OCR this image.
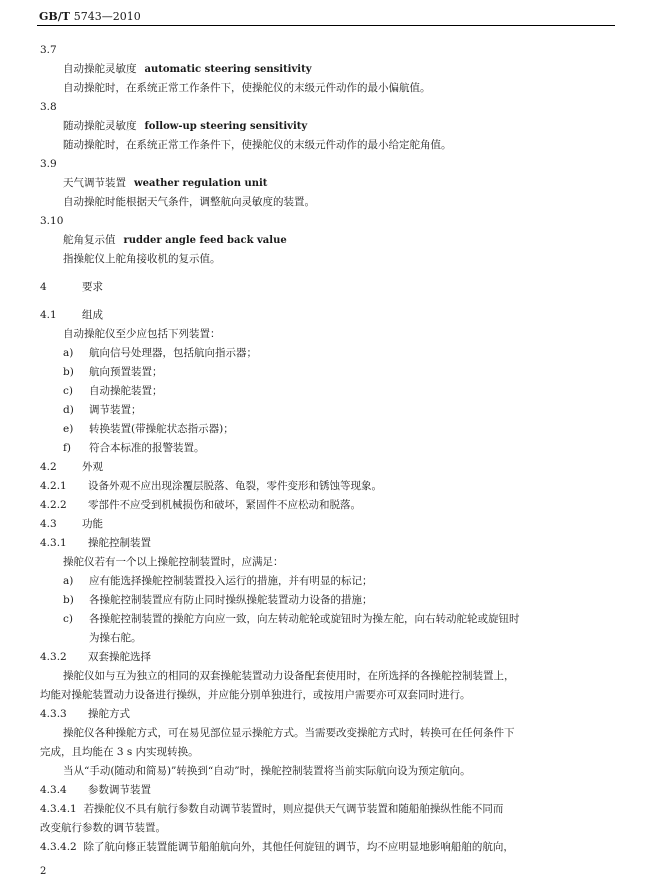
GB/T 5743—2010
3.7
自动操舵灵敏度 automatic steering sensitivity
自动操舵时，在系统正常工作条件下，使操舵仪的末级元件动作的最小偏航值。
3.8
随动操舵灵敏度 follow-up steering sensitivity
随动操舵时，在系统正常工作条件下，使操舵仪的末级元件动作的最小给定舵角值。
3.9
天气调节装置 weather regulation unit
自动操舵时能根据天气条件，调整航向灵敏度的装置。
3.10
舵角复示值 rudder angle feed back value
指操舵仪上舵角接收机的复示值。
4	要求
4.1 组成
自动操舵仪至少应包括下列装置：
a) 航向信号处理器，包括航向指示器；
b) 航向预置装置；
c) 自动操舵装置；
d) 调节装置；
e) 转换装置(带操舵状态指示器)；
f) 符合本标准的报警装置。
4.2 外观
4.2.1 设备外观不应出现涂覆层脱落、龟裂，零件变形和锈蚀等现象。
4.2.2 零部件不应受到机械损伤和破坏，紧固件不应松动和脱落。
4.3 功能
4.3.1 操舵控制装置
操舵仪若有一个以上操舵控制装置时，应满足：
a) 应有能选择操舵控制装置投入运行的措施，并有明显的标记；
b) 各操舵控制装置应有防止同时操纵操舵装置动力设备的措施；
c) 各操舵控制装置的操舵方向应一致，向左转动舵轮或旋钮时为操左舵，向右转动舵轮或旋钮时
为操右舵。
4.3.2 双套操舵选择
操舵仪如与互为独立的相同的双套操舵装置动力设备配套使用时，在所选择的各操舵控制装置上，
均能对操舵装置动力设备进行操纵，并应能分别单独进行，或按用户需要亦可双套同时进行。
4.3.3 操舵方式
操舵仪各种操舵方式，可在易见部位显示操舵方式。当需要改变操舵方式时，转换可在任何条件下
完成，且均能在 3 s 内实现转换。
当从“手动(随动和简易)”转换到“自动”时，操舵控制装置将当前实际航向设为预定航向。
4.3.4 参数调节装置
4.3.4.1 若操舵仪不具有航行参数自动调节装置时，则应提供天气调节装置和随船舶操纵性能不同而
改变航行参数的调节装置。
4.3.4.2 除了航向修正装置能调节船舶航向外，其他任何旋钮的调节，均不应明显地影响船舶的航向，
2
